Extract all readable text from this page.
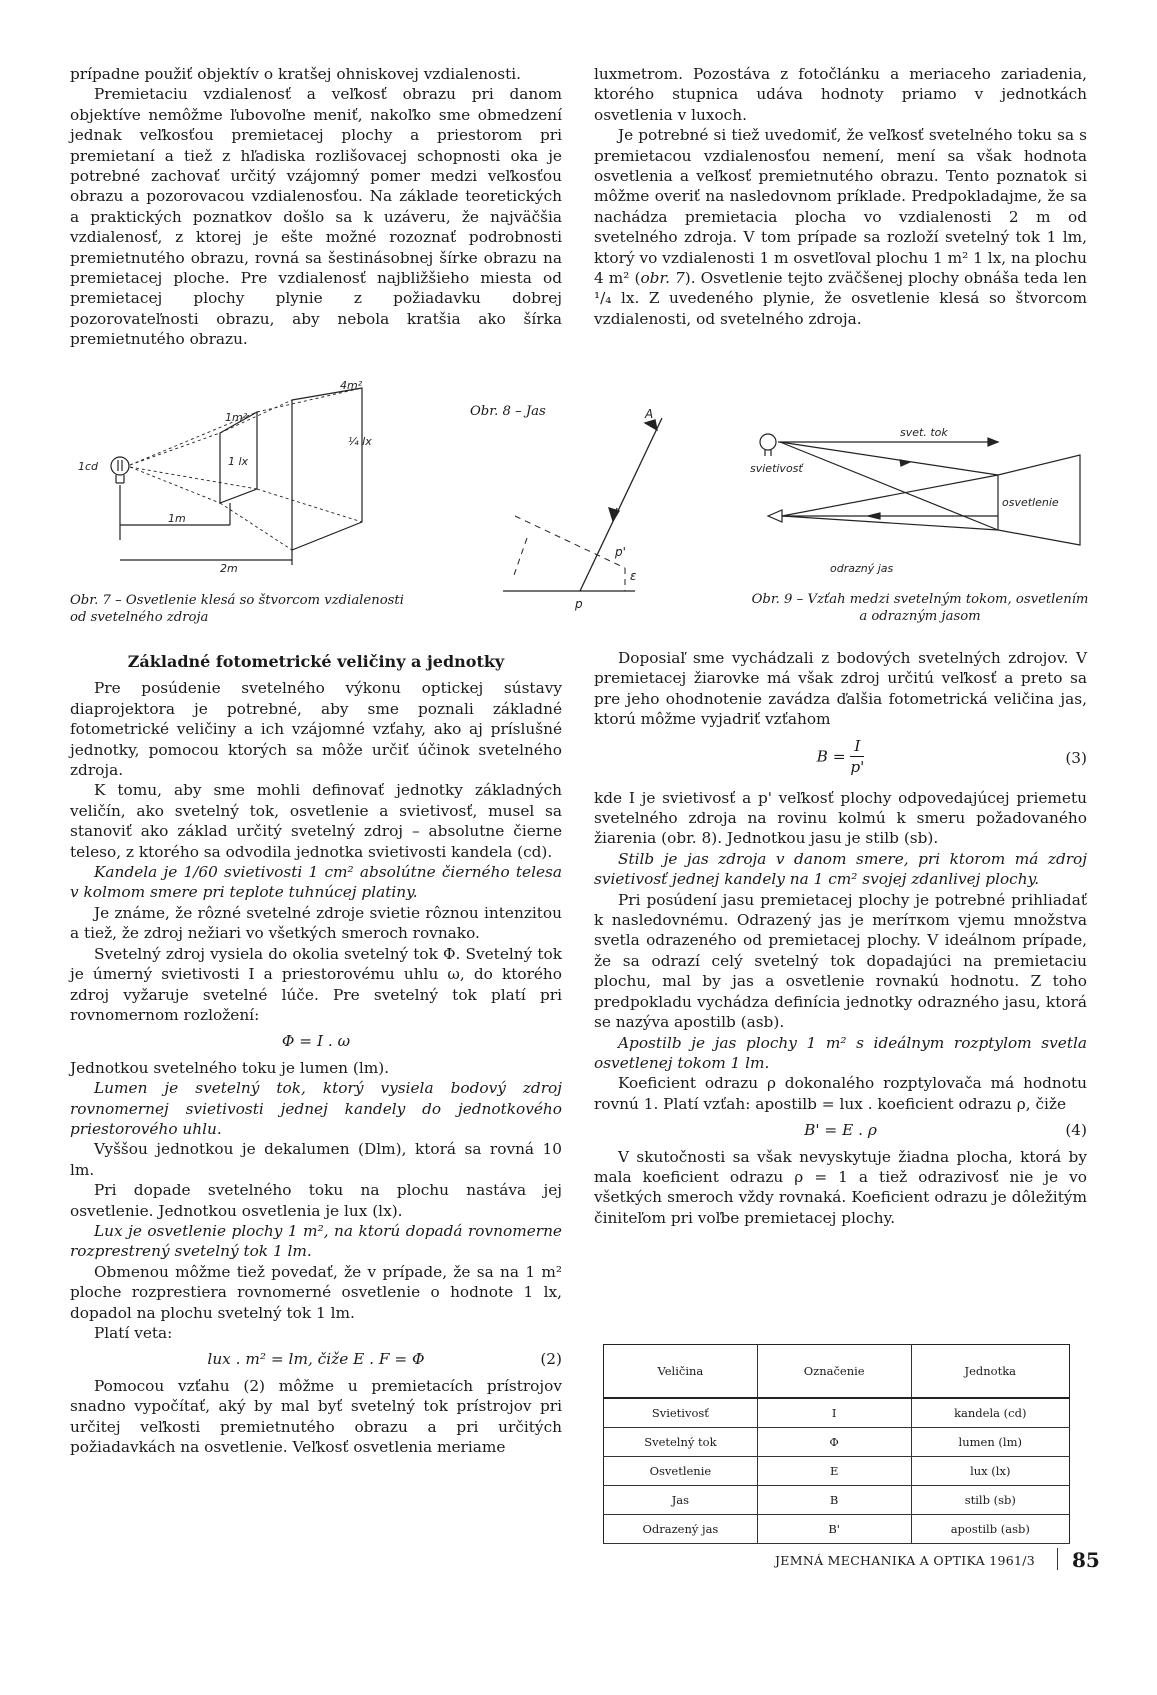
prípadne použiť objektív o kratšej ohniskovej vzdialenosti.

Premietaciu vzdialenosť a veľkosť obrazu pri danom objektíve nemôžme ľubovoľne meniť, nakoľko sme obmedzení jednak veľkosťou premietacej plochy a priestorom pri premietaní a tiež z hľadiska rozlišovacej schopnosti oka je potrebné zachovať určitý vzájomný pomer medzi veľkosťou obrazu a pozorovacou vzdialenosťou. Na základe teoretických a praktických poznatkov došlo sa k uzáveru, že najväčšia vzdialenosť, z ktorej je ešte možné rozoznať podrobnosti premietnutého obrazu, rovná sa šestinásobnej šírke obrazu na premietacej ploche. Pre vzdialenosť najbližšieho miesta od premietacej plochy plynie z požiadavku dobrej pozorovateľnosti obrazu, aby nebola kratšia ako šírka premietnutého obrazu.

luxmetrom. Pozostáva z fotočlánku a meriaceho zariadenia, ktorého stupnica udáva hodnoty priamo v jednotkách osvetlenia v luxoch.

Je potrebné si tiež uvedomiť, že veľkosť svetelného toku sa s premietacou vzdialenosťou nemení, mení sa však hodnota osvetlenia a veľkosť premietnutého obrazu. Tento poznatok si môžme overiť na nasledovnom príklade. Predpokladajme, že sa nachádza premietacia plocha vo vzdialenosti 2 m od svetelného zdroja. V tom prípade sa rozloží svetelný tok 1 lm, ktorý vo vzdialenosti 1 m osvetľoval plochu 1 m² 1 lx, na plochu 4 m² (obr. 7). Osvetlenie tejto zväčšenej plochy obnáša teda len ¹/₄ lx. Z uvedeného plynie, že osvetlenie klesá so štvorcom vzdialenosti, od svetelného zdroja.

1cd
1m²
1 lx
4m²
¼ lx
1m
2m
Obr. 7 – Osvetlenie klesá so štvorcom vzdialenosti od svetelného zdroja
Obr. 8 – Jas	A
p
p'
ε
svet. tok
svietivosť
osvetlenie
odrazný jas
Obr. 9 – Vzťah medzi svetelným tokom, osvetlením a odrazným jasom

Základné fotometrické veličiny a jednotky

Pre posúdenie svetelného výkonu optickej sústavy diaprojektora je potrebné, aby sme poznali základné fotometrické veličiny a ich vzájomné vzťahy, ako aj príslušné jednotky, pomocou ktorých sa môže určiť účinok svetelného zdroja.

K tomu, aby sme mohli definovať jednotky základných veličín, ako svetelný tok, osvetlenie a svietivosť, musel sa stanoviť ako základ určitý svetelný zdroj – absolutne čierne teleso, z ktorého sa odvodila jednotka svietivosti kandela (cd).

Kandela je 1/60 svietivosti 1 cm² absolútne čierného telesa v kolmom smere pri teplote tuhnúcej platiny.

Je známe, že rôzné svetelné zdroje svietie rôznou intenzitou a tiež, že zdroj nežiari vo všetkých smeroch rovnako.

Svetelný zdroj vysiela do okolia svetelný tok Φ. Svetelný tok je úmerný svietivosti I a priestorovému uhlu ω, do ktorého zdroj vyžaruje svetelné lúče. Pre svetelný tok platí pri rovnomernom rozložení:

Φ = I . ω

Jednotkou svetelného toku je lumen (lm).

Lumen je svetelný tok, ktorý vysiela bodový zdroj rovnomernej svietivosti jednej kandely do jednotkového priestorového uhlu.

Vyššou jednotkou je dekalumen (Dlm), ktorá sa rovná 10 lm.

Pri dopade svetelného toku na plochu nastáva jej osvetlenie. Jednotkou osvetlenia je lux (lx).

Lux je osvetlenie plochy 1 m², na ktorú dopadá rovnomerne rozprestrený svetelný tok 1 lm.

Obmenou môžme tiež povedať, že v prípade, že sa na 1 m² ploche rozprestiera rovnomerné osvetlenie o hodnote 1 lx, dopadol na plochu svetelný tok 1 lm.

Platí veta:

lux . m² = lm, čiže E . F = Φ	(2)

Pomocou vzťahu (2) môžme u premietacích prístrojov snadno vypočítať, aký by mal byť svetelný tok prístrojov pri určitej veľkosti premietnutého obrazu a pri určitých požiadavkách na osvetlenie. Veľkosť osvetlenia meriame

Doposiaľ sme vychádzali z bodových svetelných zdrojov. V premietacej žiarovke má však zdroj určitú veľkosť a preto sa pre jeho ohodnotenie zavádza ďalšia fotometrická veličina jas, ktorú môžme vyjadriť vzťahom

$B = \frac{I}{p'}$	(3)

kde I je svietivosť a p' veľkosť plochy odpovedajúcej priemetu svetelného zdroja na rovinu kolmú k smeru požadovaného žiarenia (obr. 8). Jednotkou jasu je stilb (sb).

Stilb je jas zdroja v danom smere, pri ktorom má zdroj svietivosť jednej kandely na 1 cm² svojej zdanlivej plochy.

Pri posúdení jasu premietacej plochy je potrebné prihliadať k nasledovnému. Odrazený jas je meríткom vjemu množstva svetla odrazeného od premietacej plochy. V ideálnom prípade, že sa odrazí celý svetelný tok dopadajúci na premietaciu plochu, mal by jas a osvetlenie rovnakú hodnotu. Z toho predpokladu vychádza definícia jednotky odrazného jasu, ktorá se nazýva apostilb (asb).

Apostilb je jas plochy 1 m² s ideálnym rozptylom svetla osvetlenej tokom 1 lm.

Koeficient odrazu ρ dokonalého rozptylovača má hodnotu rovnú 1. Platí vzťah: apostilb = lux . koeficient odrazu ρ, čiže

B' = E . ρ	(4)

V skutočnosti sa však nevyskytuje žiadna plocha, ktorá by mala koeficient odrazu ρ = 1 a tiež odrazivosť nie je vo všetkých smeroch vždy rovnaká. Koeficient odrazu je dôležitým činiteľom pri voľbe premietacej plochy.

Veličina	Označenie	Jednotka
Svietivosť	I	kandela (cd)
Svetelný tok	Φ	lumen (lm)
Osvetlenie	E	lux (lx)
Jas	B	stilb (sb)
Odrazený jas	B'	apostilb (asb)
JEMNÁ MECHANIKA A OPTIKA 1961/3 85
